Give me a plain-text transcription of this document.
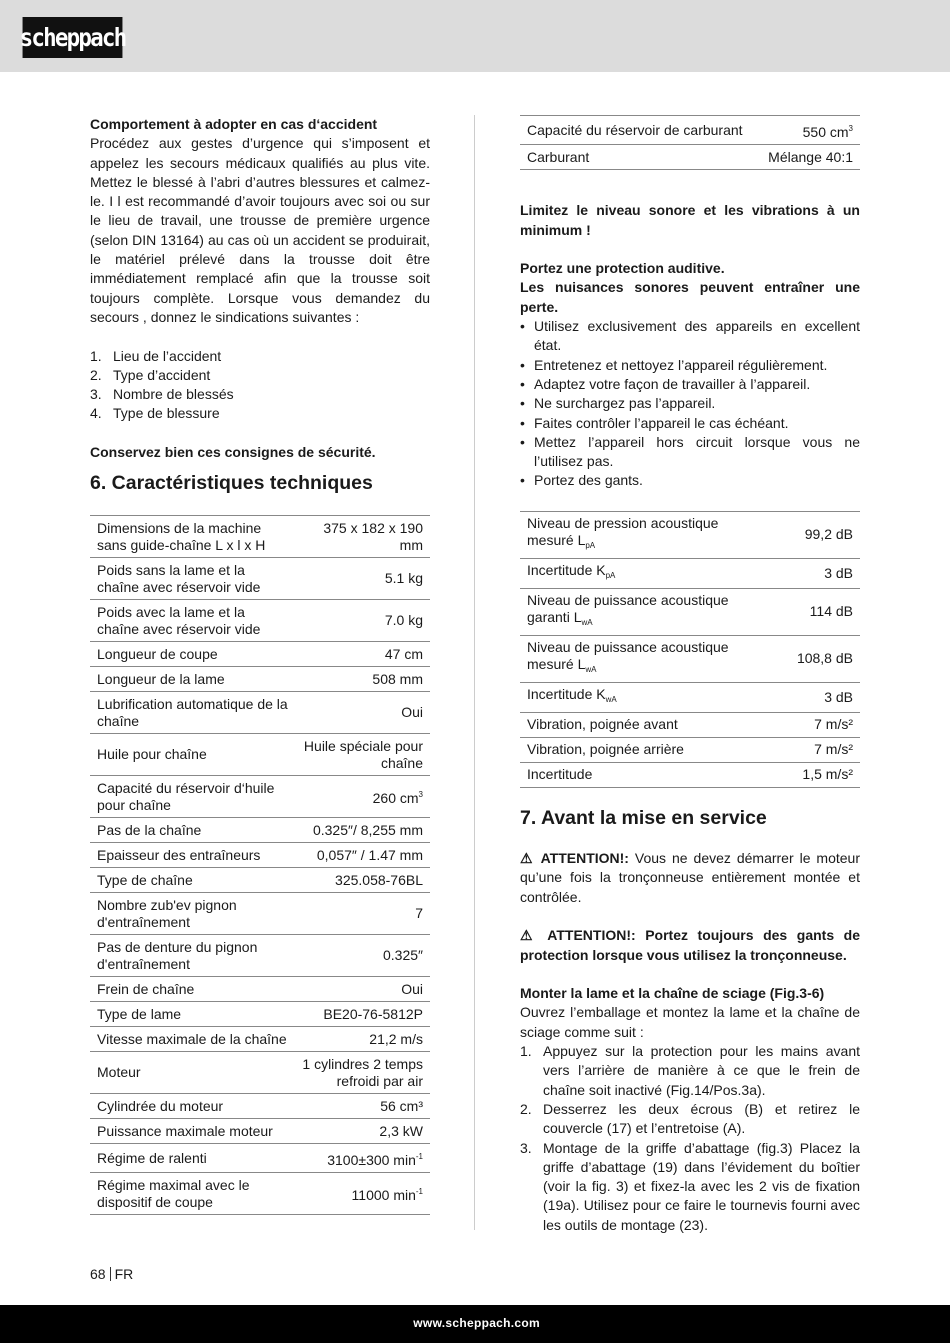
scheppach

Comportement à adopter en cas d‘accident

Procédez aux gestes d’urgence qui s’imposent et appelez les secours médicaux qualifiés au plus vite. Mettez le blessé à l’abri d’autres blessures et calmez-le. I l est recommandé d’avoir toujours avec soi ou sur le lieu de travail, une trousse de première urgence (selon DIN 13164) au cas où un accident se produirait, le matériel prélevé dans la trousse doit être immédiatement remplacé afin que la trousse soit toujours complète. Lorsque vous demandez du secours , donnez le sindications suivantes :

1. Lieu de l’accident
2. Type d’accident
3. Nombre de blessés
4. Type de blessure

Conservez bien ces consignes de sécurité.

6. Caractéristiques techniques
Dimensions de la machine sans guide-chaîne L x l x H	375 x 182 x 190 mm
Poids sans la lame et la chaîne avec réservoir vide	5.1 kg
Poids avec la lame et la chaîne avec réservoir vide	7.0 kg
Longueur de coupe	47 cm
Longueur de la lame	508 mm
Lubrification automatique de la chaîne	Oui
Huile pour chaîne	Huile spéciale pour chaîne
Capacité du réservoir d‘huile pour chaîne	260 $cm^3$
Pas de la chaîne	0.325″/ 8,255 mm
Epaisseur des entraîneurs	0,057″ / 1.47 mm
Type de chaîne	325.058-76BL
Nombre zub'ev pignon d'entraînement	7
Pas de denture du pignon d'entraînement	0.325″
Frein de chaîne	Oui
Type de lame	BE20-76-5812P
Vitesse maximale de la chaîne	21,2 m/s
Moteur	1 cylindres 2 temps refroidi par air
Cylindrée du moteur	56 cm³
Puissance maximale moteur	2,3 kW
Régime de ralenti	3100±300 $\min^{-1}$
Régime maximal avec le dispositif de coupe	11000 $\min^{-1}$
Capacité du réservoir de carburant	550 $cm^3$
Carburant	Mélange 40:1

Limitez le niveau sonore et les vibrations à un minimum !

Portez une protection auditive.

Les nuisances sonores peuvent entraîner une perte.

• Utilisez exclusivement des appareils en excellent état.
• Entretenez et nettoyez l’appareil régulièrement.
• Adaptez votre façon de travailler à l’appareil.
• Ne surchargez pas l’appareil.
• Faites contrôler l’appareil le cas échéant.
• Mettez l’appareil hors circuit lorsque vous ne l’utilisez pas.
• Portez des gants.
Niveau de pression acoustique mesuré $L_{pA}$	99,2 dB
Incertitude $K_{pA}$	3 dB
Niveau de puissance acoustique garanti $L_{wA}$	114 dB
Niveau de puissance acoustique mesuré $L_{wA}$	108,8 dB
Incertitude $K_{wA}$	3 dB
Vibration, poignée avant	7 m/s²
Vibration, poignée arrière	7 m/s²
Incertitude	1,5 m/s²
7. Avant la mise en service

⚠ ATTENTION!: Vous ne devez démarrer le moteur qu’une fois la tronçonneuse entièrement montée et contrôlée.

⚠ ATTENTION!: Portez toujours des gants de protection lorsque vous utilisez la tronçonneuse.

Monter la lame et la chaîne de sciage (Fig.3-6)

Ouvrez l’emballage et montez la lame et la chaîne de sciage comme suit :

1. Appuyez sur la protection pour les mains avant vers l’arrière de manière à ce que le frein de chaîne soit inactivé (Fig.14/Pos.3a).
2. Desserrez les deux écrous (B) et retirez le couvercle (17) et l’entretoise (A).
3. Montage de la griffe d’abattage (fig.3) Placez la griffe d’abattage (19) dans l’évidement du boîtier (voir la fig. 3) et fixez-la avec les 2 vis de fixation (19a). Utilisez pour ce faire le tournevis fourni avec les outils de montage (23).
68 FR
www.scheppach.com
